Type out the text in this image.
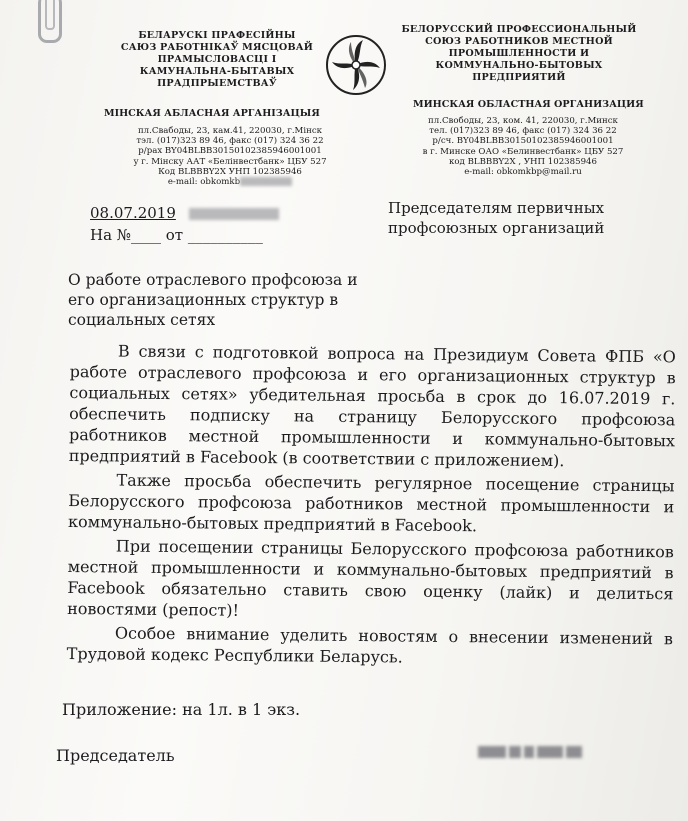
БЕЛАРУСКІ ПРАФЕСІЙНЫ
САЮЗ РАБОТНІКАЎ МЯСЦОВАЙ
ПРАМЫСЛОВАСЦІ І
КАМУНАЛЬНА-БЫТАВЫХ
ПРАДПРЫЕМСТВАЎ
БЕЛОРУССКИЙ ПРОФЕССИОНАЛЬНЫЙ
СОЮЗ РАБОТНИКОВ МЕСТНОЙ
ПРОМЫШЛЕННОСТИ И
КОММУНАЛЬНО-БЫТОВЫХ
ПРЕДПРИЯТИЙ
МІНСКАЯ АБЛАСНАЯ АРГАНІЗАЦЫЯ
МИНСКАЯ ОБЛАСТНАЯ ОРГАНИЗАЦИЯ
пл.Свабоды, 23, кам.41, 220030, г.Мінск
тэл. (017)323 89 46, факс (017) 324 36 22
р/рах BY04BLBB30150102385946001001
у г. Мінску ААТ «Белінвестбанк» ЦБУ 527
Код BLBBBY2X УНП 102385946
e-mail: obkomkb
пл.Свободы, 23, ком. 41, 220030, г.Минск
тел. (017)323 89 46, факс (017) 324 36 22
р/сч. BY04BLBB30150102385946001001
в г. Минске ОАО «Белинвестбанк» ЦБУ 527
код BLBBBY2X , УНП 102385946
e-mail: obkomkbp@mail.ru
08.07.2019
На №____ от __________
Председателям первичных профсоюзных организаций
О работе отраслевого профсоюза и его организационных структур в социальных сетях

В связи с подготовкой вопроса на Президиум Совета ФПБ «О работе отраслевого профсоюза и его организационных структур в социальных сетях» убедительная просьба в срок до 16.07.2019 г. обеспечить подписку на страницу Белорусского профсоюза работников местной промышленности и коммунально-бытовых предприятий в Facebook (в соответствии с приложением).

Также просьба обеспечить регулярное посещение страницы Белорусского профсоюза работников местной промышленности и коммунально-бытовых предприятий в Facebook.

При посещении страницы Белорусского профсоюза работников местной промышленности и коммунально-бытовых предприятий в Facebook обязательно ставить свою оценку (лайк) и делиться новостями (репост)!

Особое внимание уделить новостям о внесении изменений в Трудовой кодекс Республики Беларусь.

Приложение: на 1л. в 1 экз.
Председатель
